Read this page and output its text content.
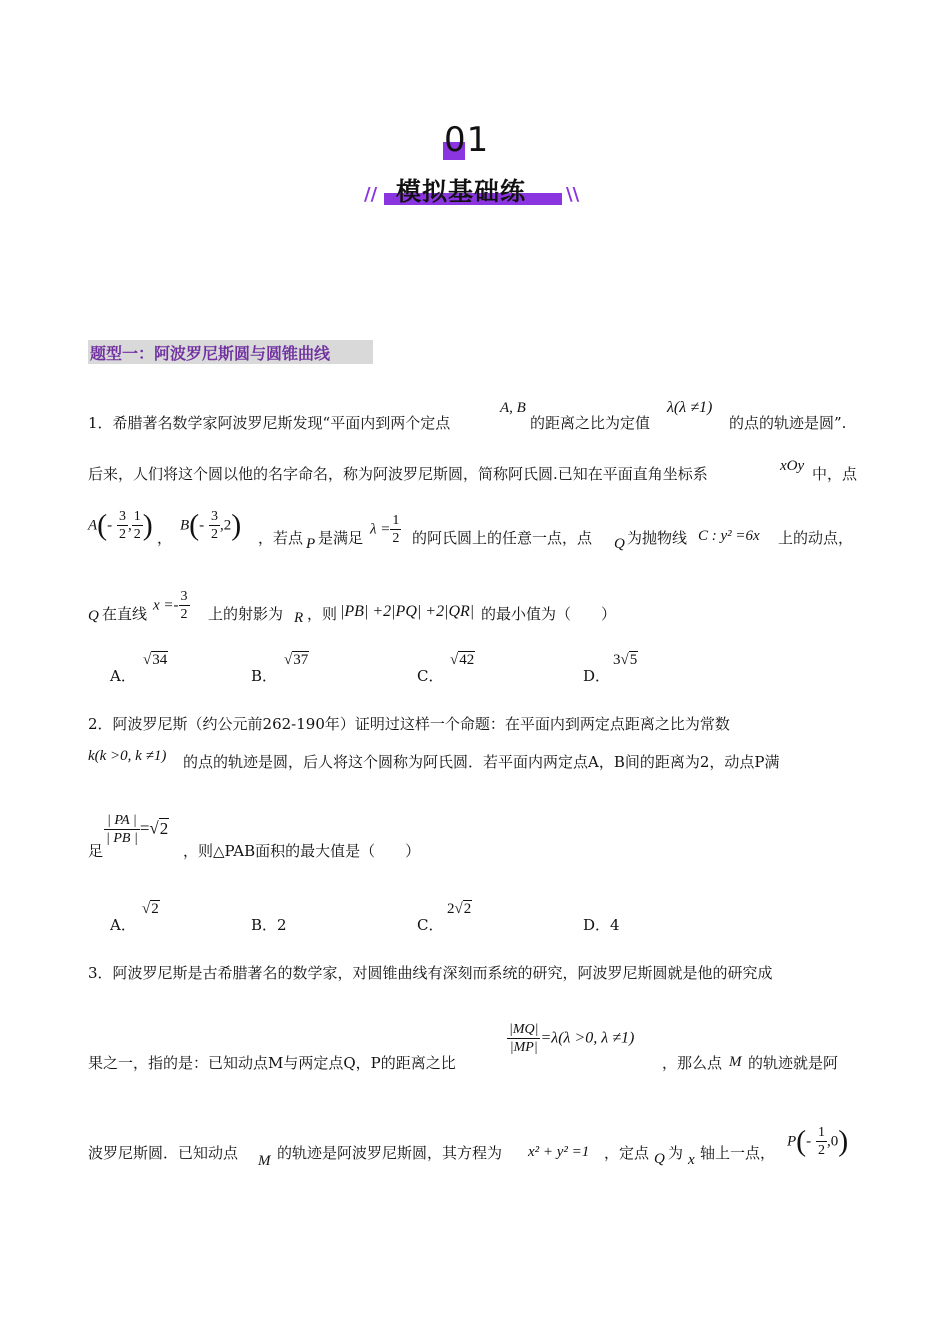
01
// 模拟基础练 \\
题型一：阿波罗尼斯圆与圆锥曲线
1．希腊著名数学家阿波罗尼斯发现“平面内到两个定点
A, B
的距离之比为定值
λ(λ ≠1)
的点的轨迹是圆”.
后来，人们将这个圆以他的名字命名，称为阿波罗尼斯圆，简称阿氏圆.已知在平面直角坐标系	xOy 中，点
$A(- \frac{3}{2}$ , $\frac{1}{2}$ ) ，
$B(- \frac{3}{2} ,2)$ ，若点 P 是满足 $\lambda = \frac{1}{2}$ 的阿氏圆上的任意一点，点 Q 为抛物线 C : y² =6x 上的动点，
Q 在直线 $x =- \frac{3}{2}$ 上的射影为 R ，则 |PB| +2|PQ| +2|QR| 的最小值为（　　）
A．
√34
B．
√37
C．
√42
D．
3√5
2．阿波罗尼斯（约公元前262-190年）证明过这样一个命题：在平面内到两定点距离之比为常数
k(k >0, k ≠1) 的点的轨迹是圆，后人将这个圆称为阿氏圆．若平面内两定点A，B间的距离为2，动点P满
足
$\frac{| PA |}{| PB |} =√2$
，则△PAB面积的最大值是（　　）
A．
√2
B．2	C．
2√2
D．4
3．阿波罗尼斯是古希腊著名的数学家，对圆锥曲线有深刻而系统的研究，阿波罗尼斯圆就是他的研究成
果之一，指的是：已知动点M与两定点Q，P的距离之比
$\frac{|MQ|}{|MP|} =\lambda(\lambda >0$, λ ≠1)
，那么点 M 的轨迹就是阿
波罗尼斯圆．已知动点 M 的轨迹是阿波罗尼斯圆，其方程为 x² + y² =1 ，定点 Q 为 x 轴上一点，
$P(- \frac{1}{2} ,0)$
